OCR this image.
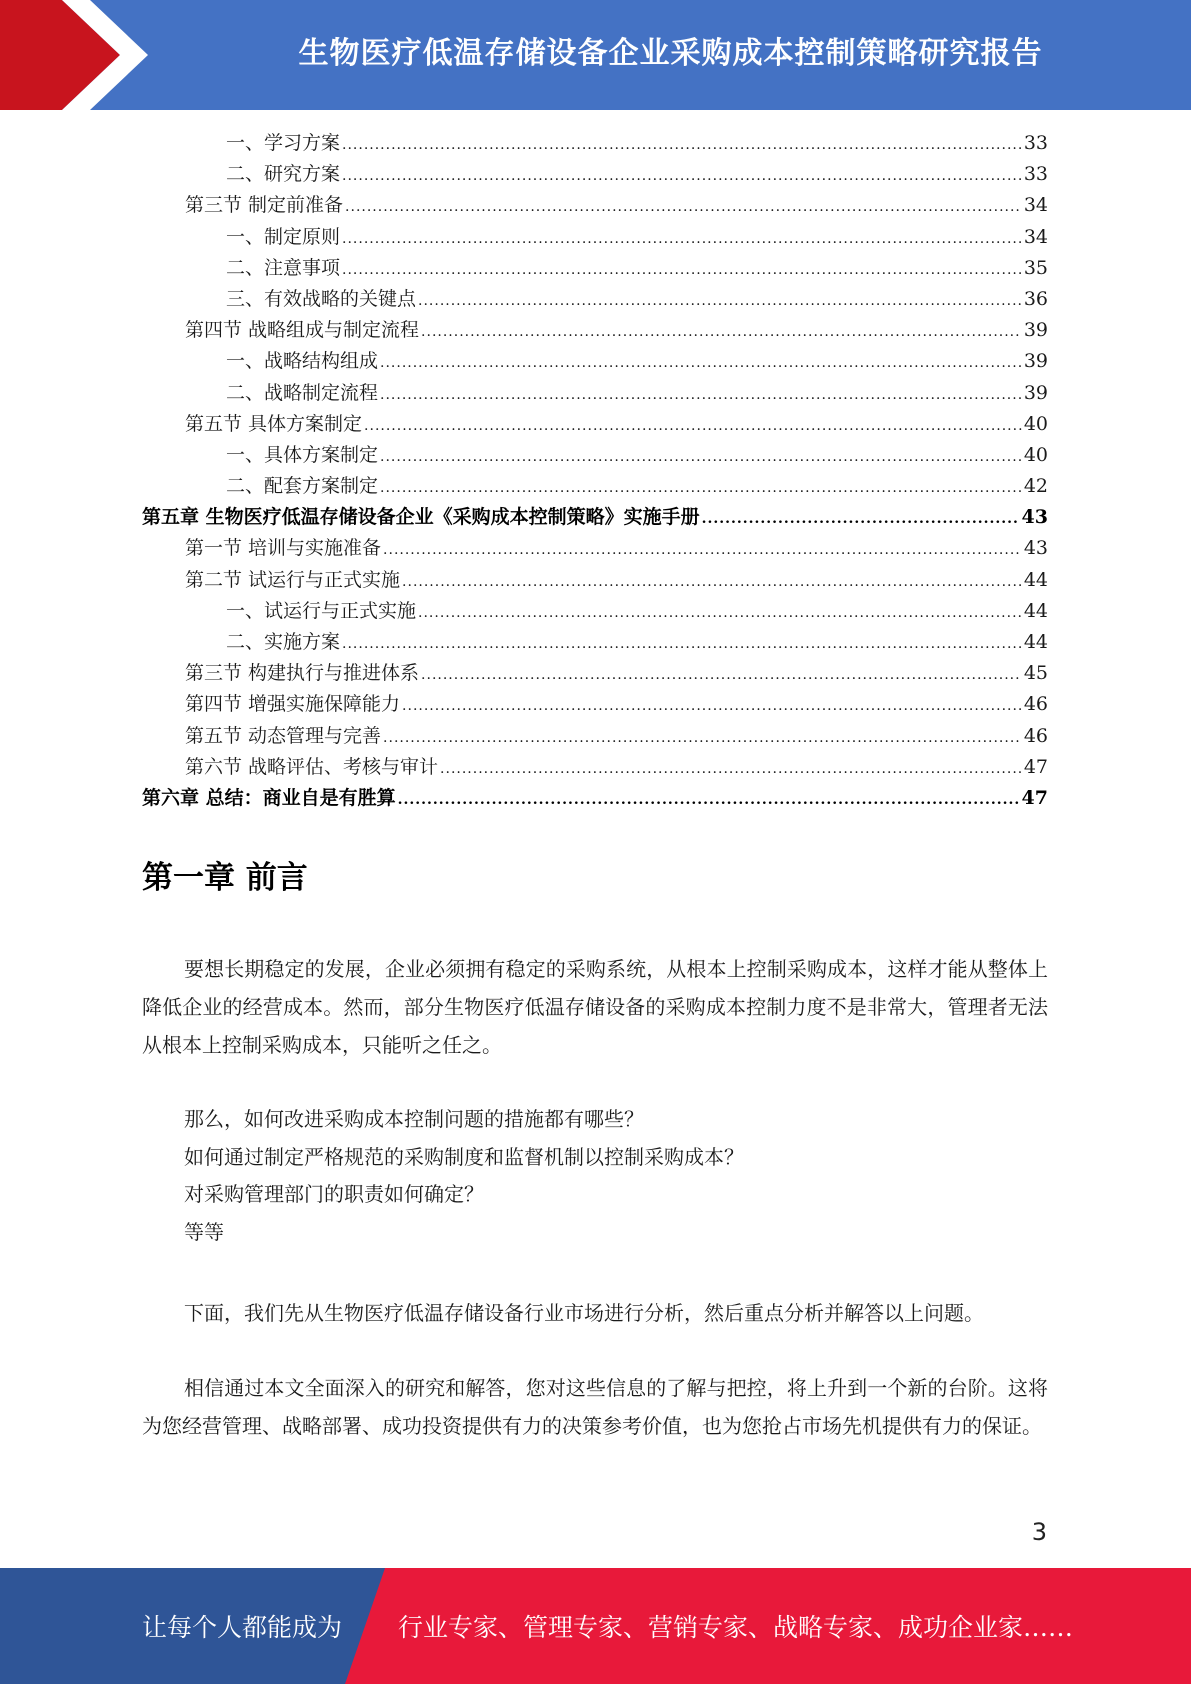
生物医疗低温存储设备企业采购成本控制策略研究报告
一、学习方案 .....	33
二、研究方案 .....	33
第三节 制定前准备 .....	34
一、制定原则 .....	34
二、注意事项 .....	35
三、有效战略的关键点 .....	36
第四节 战略组成与制定流程 .....	39
一、战略结构组成 .....	39
二、战略制定流程 .....	39
第五节 具体方案制定 .....	40
一、具体方案制定 .....	40
二、配套方案制定 .....	42
第五章 生物医疗低温存储设备企业《采购成本控制策略》实施手册 .....	43
第一节 培训与实施准备 .....	43
第二节 试运行与正式实施 .....	44
一、试运行与正式实施 .....	44
二、实施方案 .....	44
第三节 构建执行与推进体系 .....	45
第四节 增强实施保障能力 .....	46
第五节 动态管理与完善 .....	46
第六节 战略评估、考核与审计 .....	47
第六章 总结：商业自是有胜算 .....	47
第一章 前言
要想长期稳定的发展，企业必须拥有稳定的采购系统，从根本上控制采购成本，这样才能从整体上降低企业的经营成本。然而，部分生物医疗低温存储设备的采购成本控制力度不是非常大，管理者无法从根本上控制采购成本，只能听之任之。
那么，如何改进采购成本控制问题的措施都有哪些？
如何通过制定严格规范的采购制度和监督机制以控制采购成本？
对采购管理部门的职责如何确定？
等等
下面，我们先从生物医疗低温存储设备行业市场进行分析，然后重点分析并解答以上问题。
相信通过本文全面深入的研究和解答，您对这些信息的了解与把控，将上升到一个新的台阶。这将为您经营管理、战略部署、成功投资提供有力的决策参考价值，也为您抢占市场先机提供有力的保证。
3
让每个人都能成为 行业专家、管理专家、营销专家、战略专家、成功企业家……
